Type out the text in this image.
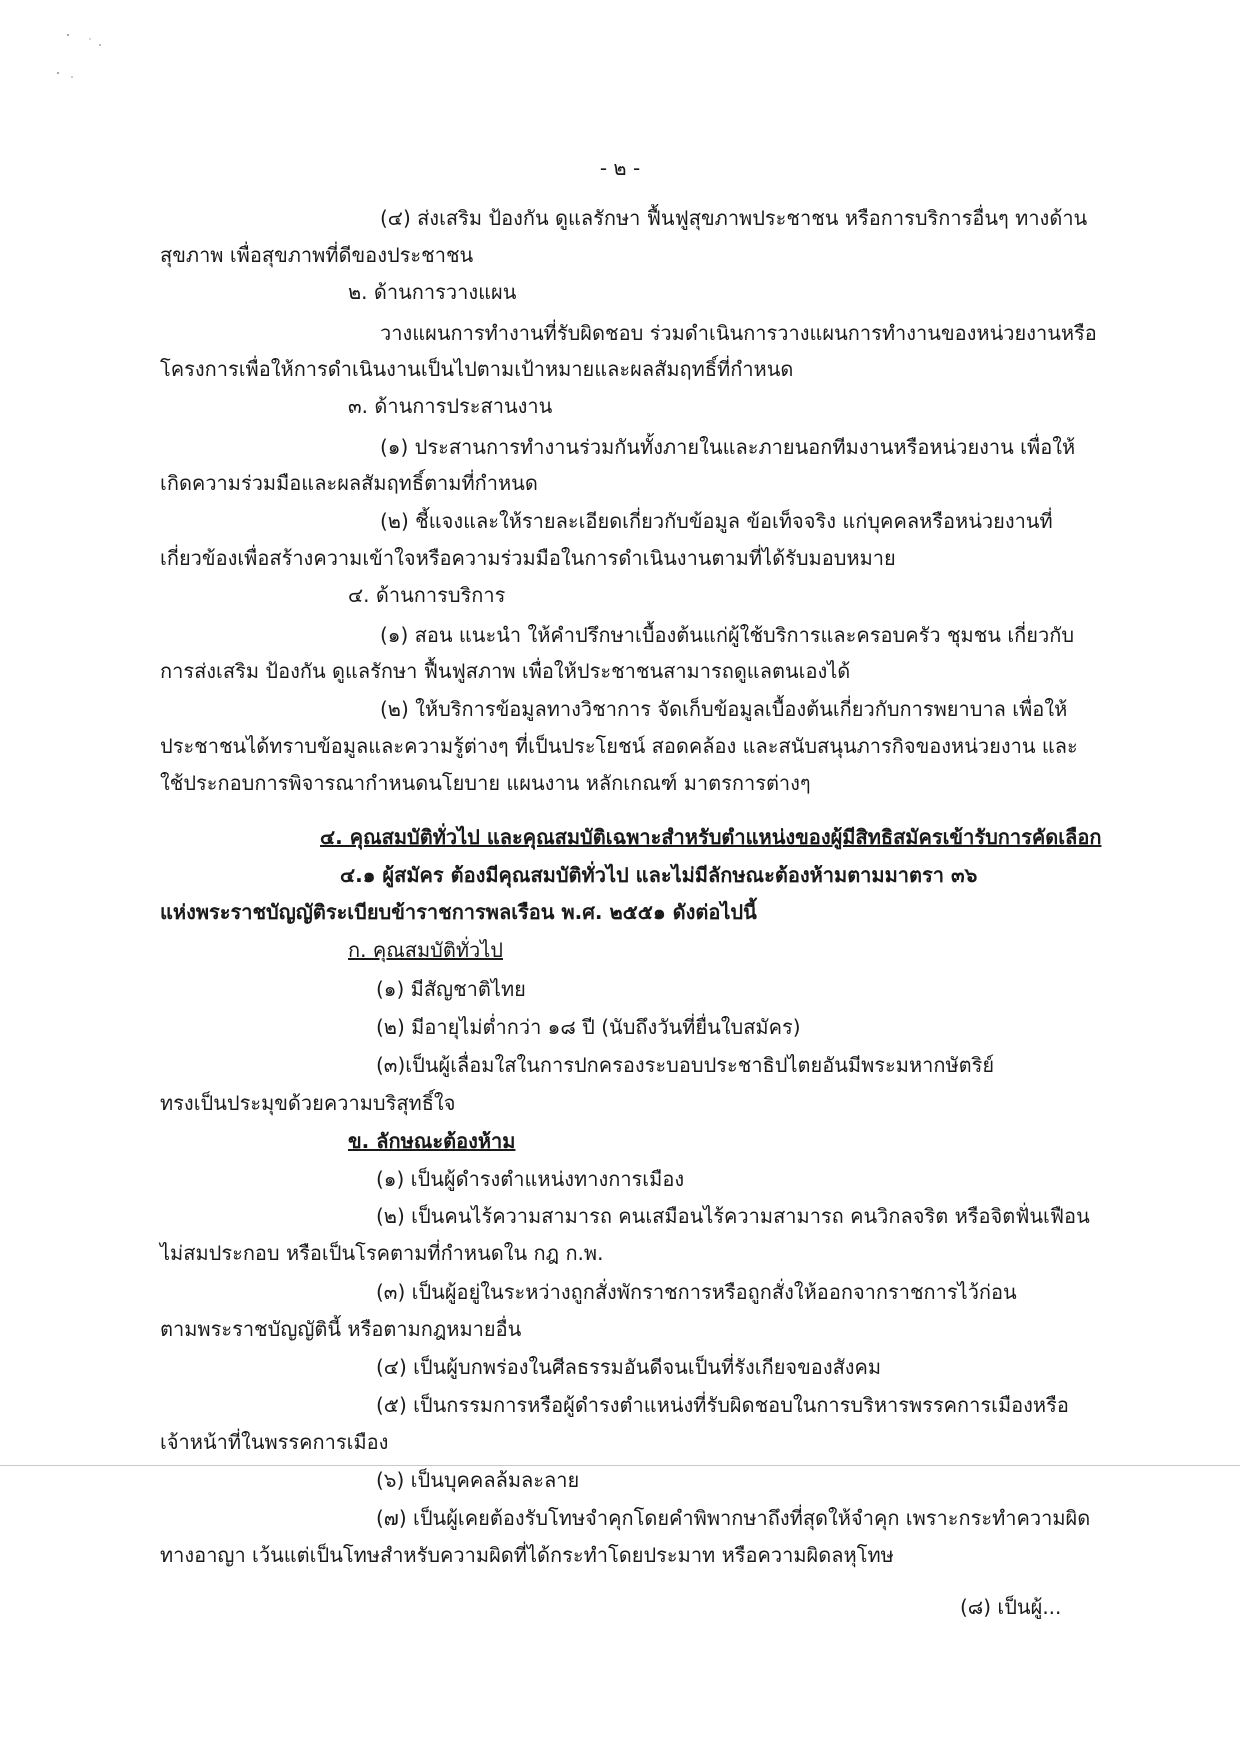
- ๒ -
(๔) ส่งเสริม ป้องกัน ดูแลรักษา ฟื้นฟูสุขภาพประชาชน หรือการบริการอื่นๆ ทางด้าน
สุขภาพ เพื่อสุขภาพที่ดีของประชาชน
๒. ด้านการวางแผน
วางแผนการทำงานที่รับผิดชอบ ร่วมดำเนินการวางแผนการทำงานของหน่วยงานหรือ
โครงการเพื่อให้การดำเนินงานเป็นไปตามเป้าหมายและผลสัมฤทธิ์ที่กำหนด
๓. ด้านการประสานงาน
(๑) ประสานการทำงานร่วมกันทั้งภายในและภายนอกทีมงานหรือหน่วยงาน เพื่อให้
เกิดความร่วมมือและผลสัมฤทธิ์ตามที่กำหนด
(๒) ชี้แจงและให้รายละเอียดเกี่ยวกับข้อมูล ข้อเท็จจริง แก่บุคคลหรือหน่วยงานที่
เกี่ยวข้องเพื่อสร้างความเข้าใจหรือความร่วมมือในการดำเนินงานตามที่ได้รับมอบหมาย
๔. ด้านการบริการ
(๑) สอน แนะนำ ให้คำปรึกษาเบื้องต้นแก่ผู้ใช้บริการและครอบครัว ชุมชน เกี่ยวกับ
การส่งเสริม ป้องกัน ดูแลรักษา ฟื้นฟูสภาพ เพื่อให้ประชาชนสามารถดูแลตนเองได้
(๒) ให้บริการข้อมูลทางวิชาการ จัดเก็บข้อมูลเบื้องต้นเกี่ยวกับการพยาบาล เพื่อให้
ประชาชนได้ทราบข้อมูลและความรู้ต่างๆ ที่เป็นประโยชน์ สอดคล้อง และสนับสนุนภารกิจของหน่วยงาน และ
ใช้ประกอบการพิจารณากำหนดนโยบาย แผนงาน หลักเกณฑ์ มาตรการต่างๆ
๔. คุณสมบัติทั่วไป และคุณสมบัติเฉพาะสำหรับตำแหน่งของผู้มีสิทธิสมัครเข้ารับการคัดเลือก
๔.๑ ผู้สมัคร ต้องมีคุณสมบัติทั่วไป และไม่มีลักษณะต้องห้ามตามมาตรา ๓๖
แห่งพระราชบัญญัติระเบียบข้าราชการพลเรือน พ.ศ. ๒๕๕๑ ดังต่อไปนี้
ก. คุณสมบัติทั่วไป
(๑) มีสัญชาติไทย
(๒) มีอายุไม่ต่ำกว่า ๑๘ ปี (นับถึงวันที่ยื่นใบสมัคร)
(๓)เป็นผู้เลื่อมใสในการปกครองระบอบประชาธิปไตยอันมีพระมหากษัตริย์
ทรงเป็นประมุขด้วยความบริสุทธิ์ใจ
ข. ลักษณะต้องห้าม
(๑) เป็นผู้ดำรงตำแหน่งทางการเมือง
(๒) เป็นคนไร้ความสามารถ คนเสมือนไร้ความสามารถ คนวิกลจริต หรือจิตฟั่นเฟือน
ไม่สมประกอบ หรือเป็นโรคตามที่กำหนดใน กฎ ก.พ.
(๓) เป็นผู้อยู่ในระหว่างถูกสั่งพักราชการหรือถูกสั่งให้ออกจากราชการไว้ก่อน
ตามพระราชบัญญัตินี้ หรือตามกฎหมายอื่น
(๔) เป็นผู้บกพร่องในศีลธรรมอันดีจนเป็นที่รังเกียจของสังคม
(๕) เป็นกรรมการหรือผู้ดำรงตำแหน่งที่รับผิดชอบในการบริหารพรรคการเมืองหรือ
เจ้าหน้าที่ในพรรคการเมือง
(๖) เป็นบุคคลล้มละลาย
(๗) เป็นผู้เคยต้องรับโทษจำคุกโดยคำพิพากษาถึงที่สุดให้จำคุก เพราะกระทำความผิด
ทางอาญา เว้นแต่เป็นโทษสำหรับความผิดที่ได้กระทำโดยประมาท หรือความผิดลหุโทษ
(๘) เป็นผู้...
